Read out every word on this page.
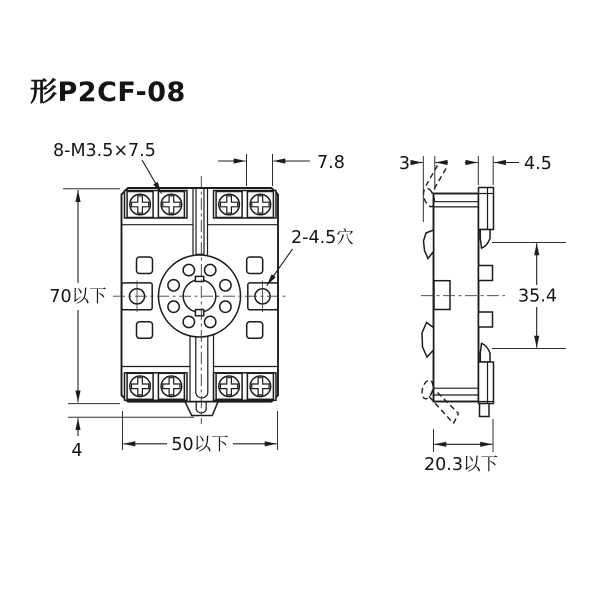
形P2CF-08
70以下
4	50以下
7.8
8-M3.5×7.5
2-4.5穴
3	4.5
35.4
20.3以下
